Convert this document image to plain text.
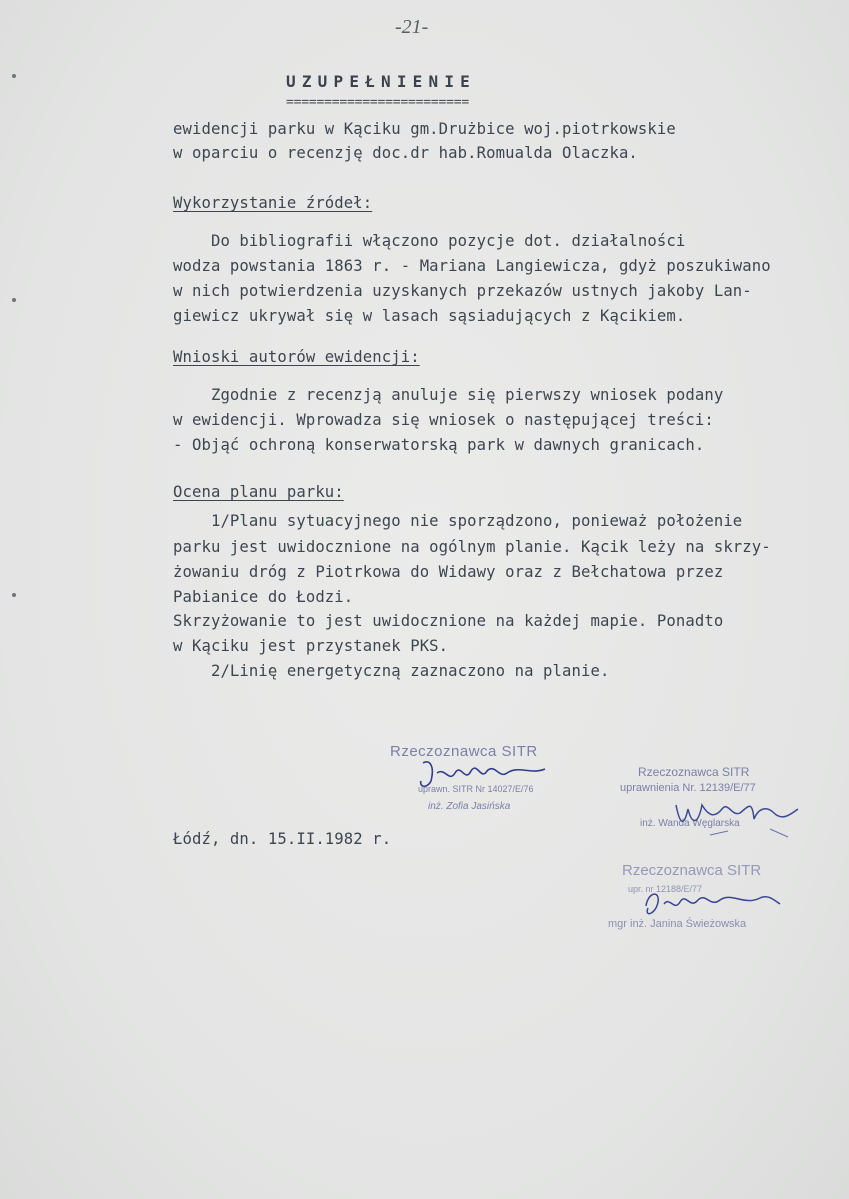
-21-
UZUPEŁNIENIE
========================
ewidencji parku w Kąciku gm.Drużbice woj.piotrkowskie
w oparciu o recenzję doc.dr hab.Romualda Olaczka.
Wykorzystanie źródeł:
Do bibliografii włączono pozycje dot. działalności
wodza powstania 1863 r. - Mariana Langiewicza, gdyż poszukiwano
w nich potwierdzenia uzyskanych przekazów ustnych jakoby Lan-
giewicz ukrywał się w lasach sąsiadujących z Kącikiem.
Wnioski autorów ewidencji:
Zgodnie z recenzją anuluje się pierwszy wniosek podany
w ewidencji. Wprowadza się wniosek o następującej treści:
- Objąć ochroną konserwatorską park w dawnych granicach.
Ocena planu parku:
1/Planu sytuacyjnego nie sporządzono, ponieważ położenie
parku jest uwidocznione na ogólnym planie. Kącik leży na skrzy-
żowaniu dróg z Piotrkowa do Widawy oraz z Bełchatowa przez
Pabianice do Łodzi.
Skrzyżowanie to jest uwidocznione na każdej mapie. Ponadto
w Kąciku jest przystanek PKS.
2/Linię energetyczną zaznaczono na planie.
Łódź, dn. 15.II.1982 r.
Rzeczoznawca SITR
uprawn. SITR Nr 14027/E/76
inż. Zofia Jasińska
Rzeczoznawca SITR
uprawnienia Nr. 12139/E/77
inż. Wanda Węglarska
Rzeczoznawca SITR
upr. nr 12188/E/77
mgr inż. Janina Świeżowska
